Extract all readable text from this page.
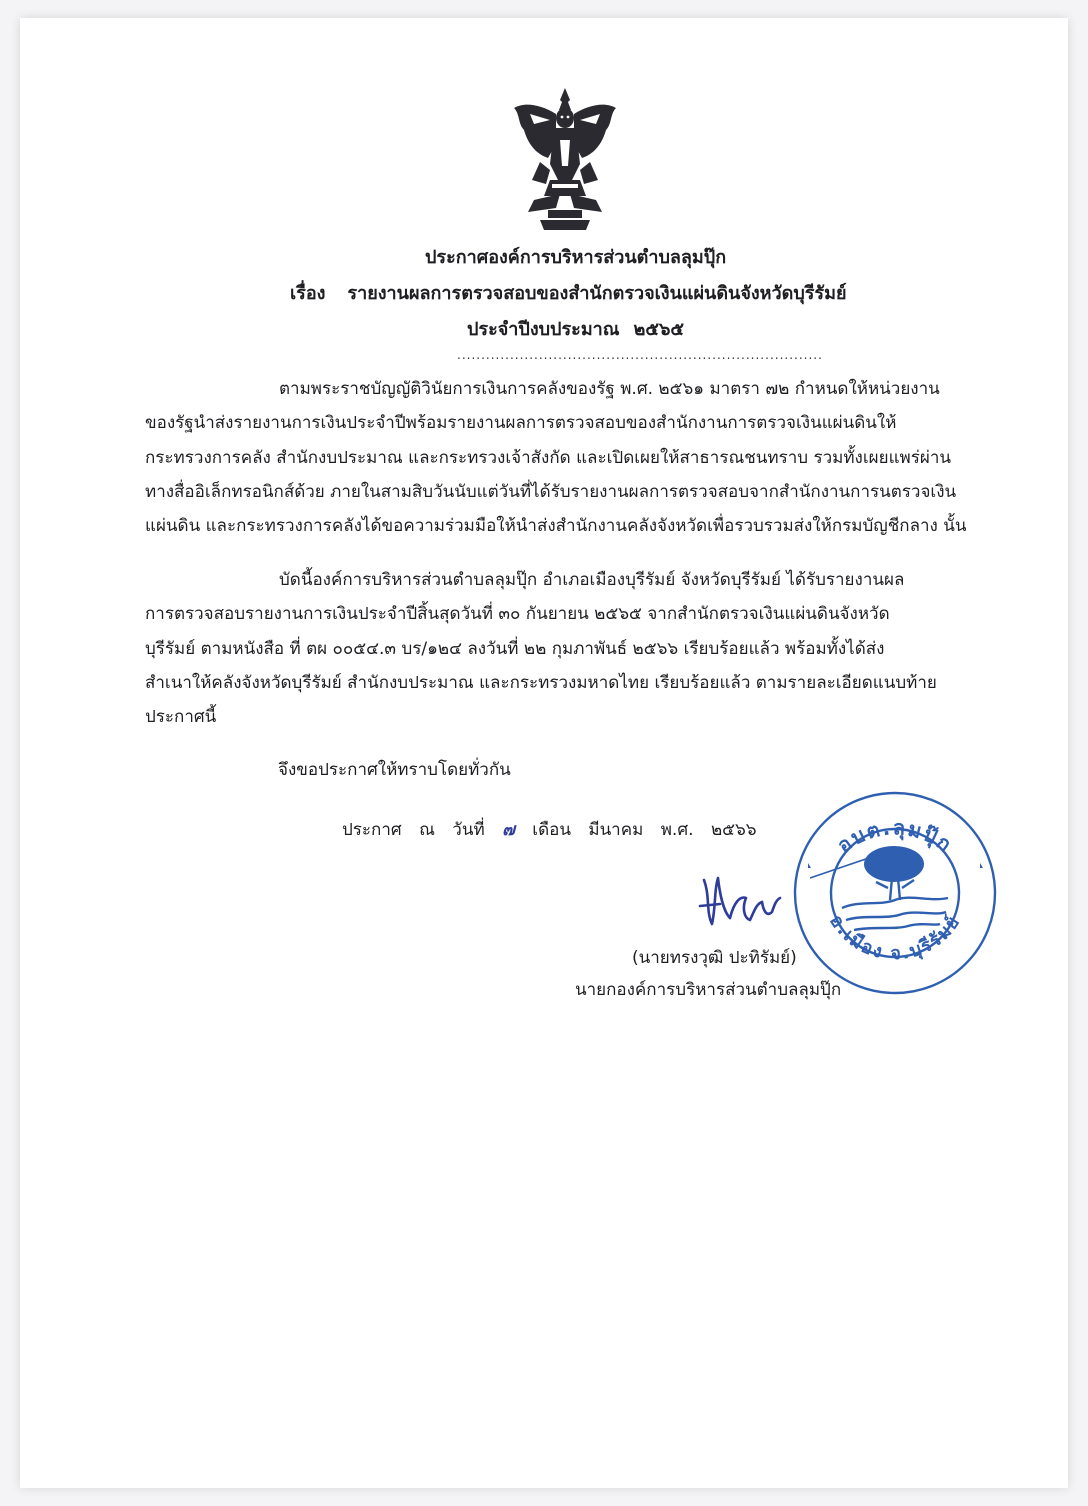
ประกาศองค์การบริหารส่วนตำบลลุมปุ๊ก
เรื่อง รายงานผลการตรวจสอบของสำนักตรวจเงินแผ่นดินจังหวัดบุรีรัมย์
ประจำปีงบประมาณ ๒๕๖๕
............................................................................
ตามพระราชบัญญัติวินัยการเงินการคลังของรัฐ พ.ศ. ๒๕๖๑ มาตรา ๗๒ กำหนดให้หน่วยงาน
ของรัฐนำส่งรายงานการเงินประจำปีพร้อมรายงานผลการตรวจสอบของสำนักงานการตรวจเงินแผ่นดินให้
กระทรวงการคลัง สำนักงบประมาณ และกระทรวงเจ้าสังกัด และเปิดเผยให้สาธารณชนทราบ รวมทั้งเผยแพร่ผ่าน
ทางสื่ออิเล็กทรอนิกส์ด้วย ภายในสามสิบวันนับแต่วันที่ได้รับรายงานผลการตรวจสอบจากสำนักงานการนตรวจเงิน
แผ่นดิน และกระทรวงการคลังได้ขอความร่วมมือให้นำส่งสำนักงานคลังจังหวัดเพื่อรวบรวมส่งให้กรมบัญชีกลาง นั้น
บัดนี้องค์การบริหารส่วนตำบลลุมปุ๊ก อำเภอเมืองบุรีรัมย์ จังหวัดบุรีรัมย์ ได้รับรายงานผล
การตรวจสอบรายงานการเงินประจำปีสิ้นสุดวันที่ ๓๐ กันยายน ๒๕๖๕ จากสำนักตรวจเงินแผ่นดินจังหวัด
บุรีรัมย์ ตามหนังสือ ที่ ตผ ๐๐๕๔.๓ บร/๑๒๔ ลงวันที่ ๒๒ กุมภาพันธ์ ๒๕๖๖ เรียบร้อยแล้ว พร้อมทั้งได้ส่ง
สำเนาให้คลังจังหวัดบุรีรัมย์ สำนักงบประมาณ และกระทรวงมหาดไทย เรียบร้อยแล้ว ตามรายละเอียดแนบท้าย
ประกาศนี้
จึงขอประกาศให้ทราบโดยทั่วกัน
ประกาศ ณ วันที่ ๗ เดือน มีนาคม พ.ศ. ๒๕๖๖	อบต.ลุมปุ๊ก
อ.เมือง จ.บุรีรัมย์
(นายทรงวุฒิ ปะทิรัมย์)
นายกองค์การบริหารส่วนตำบลลุมปุ๊ก
